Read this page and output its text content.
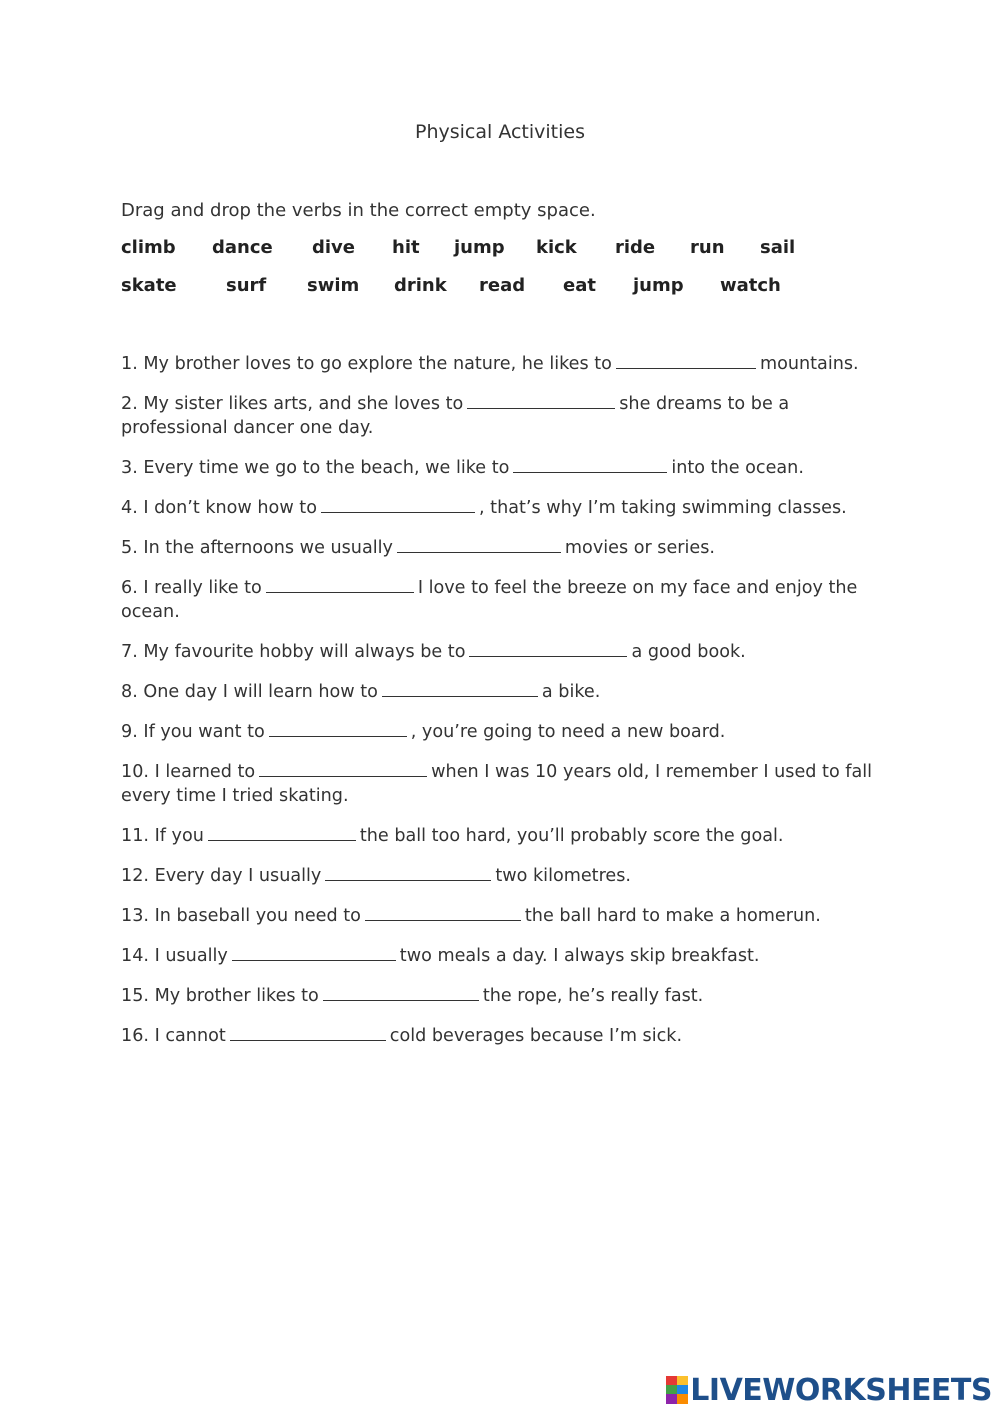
Physical Activities
Drag and drop the verbs in the correct empty space.
climb dance dive hit jump kick ride run sail
skate	surf swim drink read eat jump watch

1. My brother loves to go explore the nature, he likes to	mountains.

2. My sister likes arts, and she loves to	she dreams to be a professional dancer one day.

3. Every time we go to the beach, we like to	into the ocean.

4. I don’t know how to	, that’s why I’m taking swimming classes.

5. In the afternoons we usually	movies or series.

6. I really like to	I love to feel the breeze on my face and enjoy the ocean.

7. My favourite hobby will always be to	a good book.

8. One day I will learn how to	a bike.

9. If you want to	, you’re going to need a new board.

10. I learned to	when I was 10 years old, I remember I used to fall every time I tried skating.

11. If you	the ball too hard, you’ll probably score the goal.

12. Every day I usually	two kilometres.

13. In baseball you need to	the ball hard to make a homerun.

14. I usually	two meals a day. I always skip breakfast.

15. My brother likes to	the rope, he’s really fast.

16. I cannot	cold beverages because I’m sick.

LIVEWORKSHEETS
